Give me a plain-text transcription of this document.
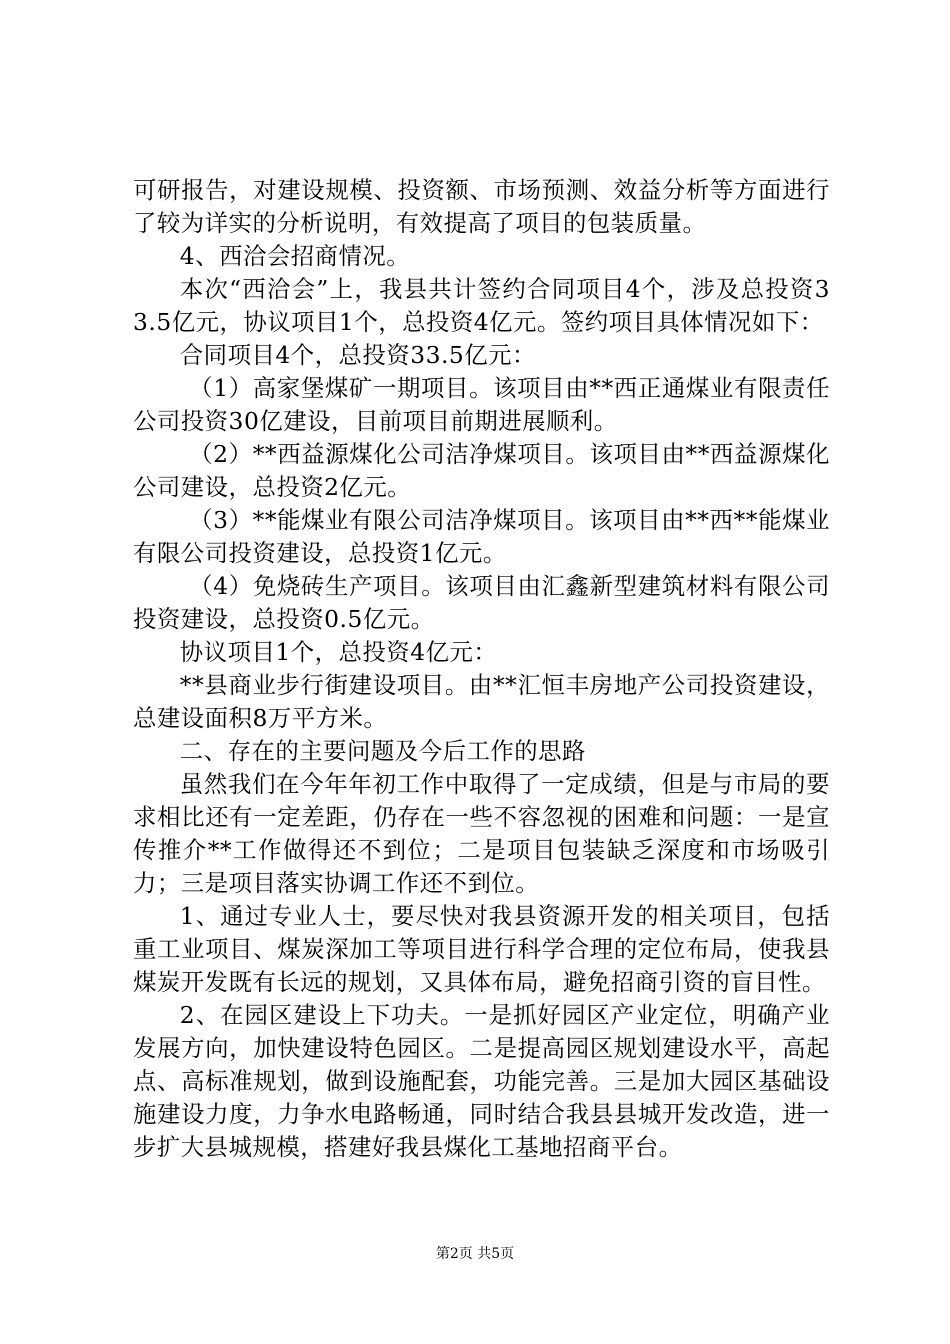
可研报告，对建设规模、投资额、市场预测、效益分析等方面进行了较为详实的分析说明，有效提高了项目的包装质量。

4、西洽会招商情况。

本次“西洽会”上，我县共计签约合同项目4个，涉及总投资33.5亿元，协议项目1个，总投资4亿元。签约项目具体情况如下：

合同项目4个，总投资33.5亿元：

（1）高家堡煤矿一期项目。该项目由**西正通煤业有限责任公司投资30亿建设，目前项目前期进展顺利。

（2）**西益源煤化公司洁净煤项目。该项目由**西益源煤化公司建设，总投资2亿元。

（3）**能煤业有限公司洁净煤项目。该项目由**西**能煤业有限公司投资建设，总投资1亿元。

（4）免烧砖生产项目。该项目由汇鑫新型建筑材料有限公司投资建设，总投资0.5亿元。

协议项目1个，总投资4亿元：

**县商业步行街建设项目。由**汇恒丰房地产公司投资建设，总建设面积8万平方米。

二、存在的主要问题及今后工作的思路

虽然我们在今年年初工作中取得了一定成绩，但是与市局的要求相比还有一定差距，仍存在一些不容忽视的困难和问题：一是宣传推介**工作做得还不到位；二是项目包装缺乏深度和市场吸引力；三是项目落实协调工作还不到位。

1、通过专业人士，要尽快对我县资源开发的相关项目，包括重工业项目、煤炭深加工等项目进行科学合理的定位布局，使我县煤炭开发既有长远的规划，又具体布局，避免招商引资的盲目性。

2、在园区建设上下功夫。一是抓好园区产业定位，明确产业发展方向，加快建设特色园区。二是提高园区规划建设水平，高起点、高标准规划，做到设施配套，功能完善。三是加大园区基础设施建设力度，力争水电路畅通，同时结合我县县城开发改造，进一步扩大县城规模，搭建好我县煤化工基地招商平台。

第2页 共5页
